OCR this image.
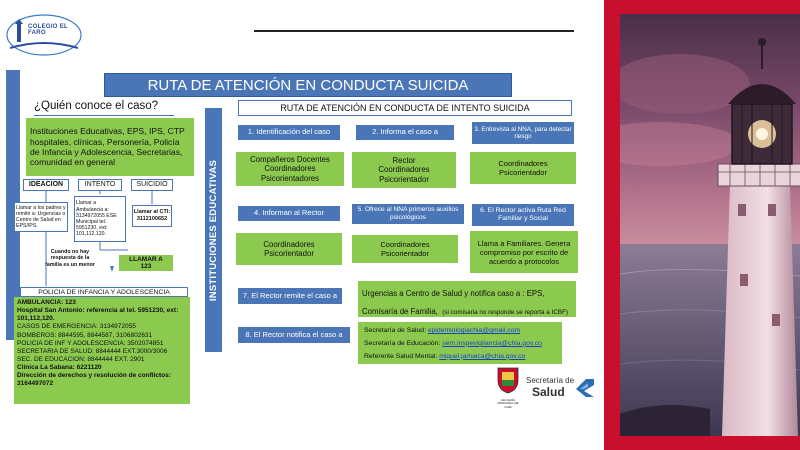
COLEGIO EL FARO
RUTA DE ATENCIÓN EN CONDUCTA SUICIDA
¿Quién conoce el caso?
Instituciones Educativas, EPS, IPS, CTP hospitales, clínicas, Personería, Policía de Infancia y Adolescencia, Secretarias, comunidad en general
IDEACION	INTENTO	SUICIDIO
Llamar a los padres y remitir a: Urgencias o Centro de Salud en EPS/IPS.
Llamar a Ambulancia a: 3134972055 ESE Municipal tel. 5951230, ext: 101,112,120.
Llamar al CTI: 3112100652
Cuando no hay respuesta de la familia es un menor
LLAMAR A 123
POLICIA DE INFANCIA Y ADOLESCENCIA
AMBULANCIA: 123
Hospital San Antonio: referencia al tel. 5951230, ext: 101,112,120.
CASOS DE EMERGENCIA: 3134972055
BOMBEROS: 8844595, 8844587, 3106802631
POLICIA DE INF Y ADOLESCENCIA: 3502074851
SECRETARIA DE SALUD: 8844444 EXT.3000/3006
SEC. DE EDUCACION: 8844444 EXT. 2901
Clinica La Sabana: 6221120
Dirección de derechos y resolución de conflictos: 3164497072
INSTITUCIONES EDUCATIVAS
RUTA DE ATENCIÓN EN CONDUCTA DE INTENTO SUICIDA
1. Identificación del caso	2. Informa el caso a	3. Entrevista al NNA, para detectar riesgo
Compañeros Docentes Coordinadores Psicorientadores
Rector Coordinadores Psicorientador
Coordinadores Psicorientador
4. Informan al Rector	5. Ofrece al NNA primeros auxilios psicológicos
6. El Rector activa Ruta Red Familiar y Social
Coordinadores Psicorientador
Coordinadores Psicorientador
Llama a Familiares. Genera compromiso por escrito de acuerdo a protocolos
7. El Rector remite el caso a	Urgencias a Centro de Salud y notifica caso a : EPS, Comisaría de Familia, (si comisaria no responde se reporta a ICBF)
8. El Rector notifica el caso a	Secretaría de Salud: epidemiologiachia@gmail.com
Secretaría de Educación: sem.inspevigilancia@chia.gov.co
Referente Salud Mental: miguel.jamaica@chia.gov.co
ALCALDÍA MUNICIPAL DE CHÍA
Secretaría de
Salud
